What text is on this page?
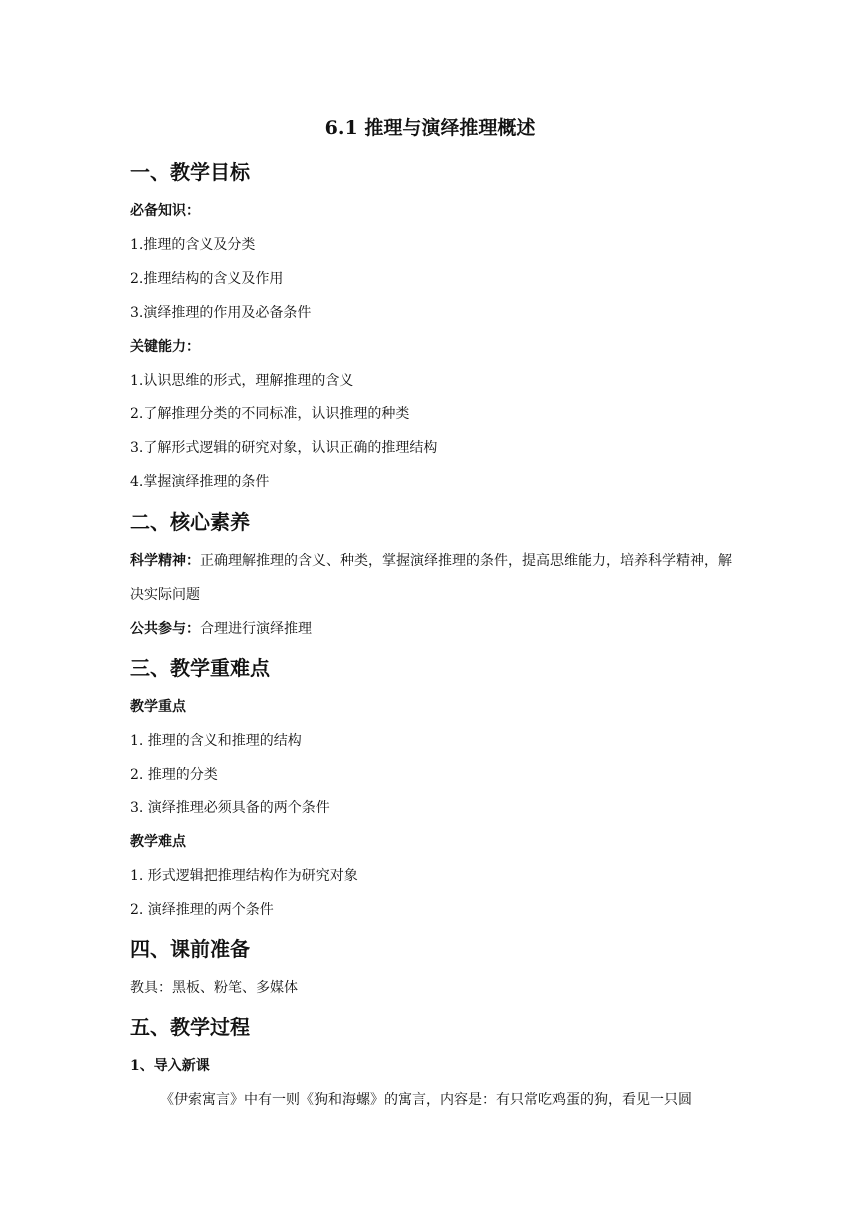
6.1 推理与演绎推理概述
一、教学目标
必备知识：
1.推理的含义及分类
2.推理结构的含义及作用
3.演绎推理的作用及必备条件
关键能力：
1.认识思维的形式，理解推理的含义
2.了解推理分类的不同标准，认识推理的种类
3.了解形式逻辑的研究对象，认识正确的推理结构
4.掌握演绎推理的条件
二、核心素养
科学精神：正确理解推理的含义、种类，掌握演绎推理的条件，提高思维能力，培养科学精神，解决实际问题
公共参与：合理进行演绎推理
三、教学重难点
教学重点
1. 推理的含义和推理的结构
2. 推理的分类
3. 演绎推理必须具备的两个条件
教学难点
1. 形式逻辑把推理结构作为研究对象
2. 演绎推理的两个条件
四、课前准备
教具：黑板、粉笔、多媒体
五、教学过程
1、导入新课
《伊索寓言》中有一则《狗和海螺》的寓言，内容是：有只常吃鸡蛋的狗，看见一只圆
